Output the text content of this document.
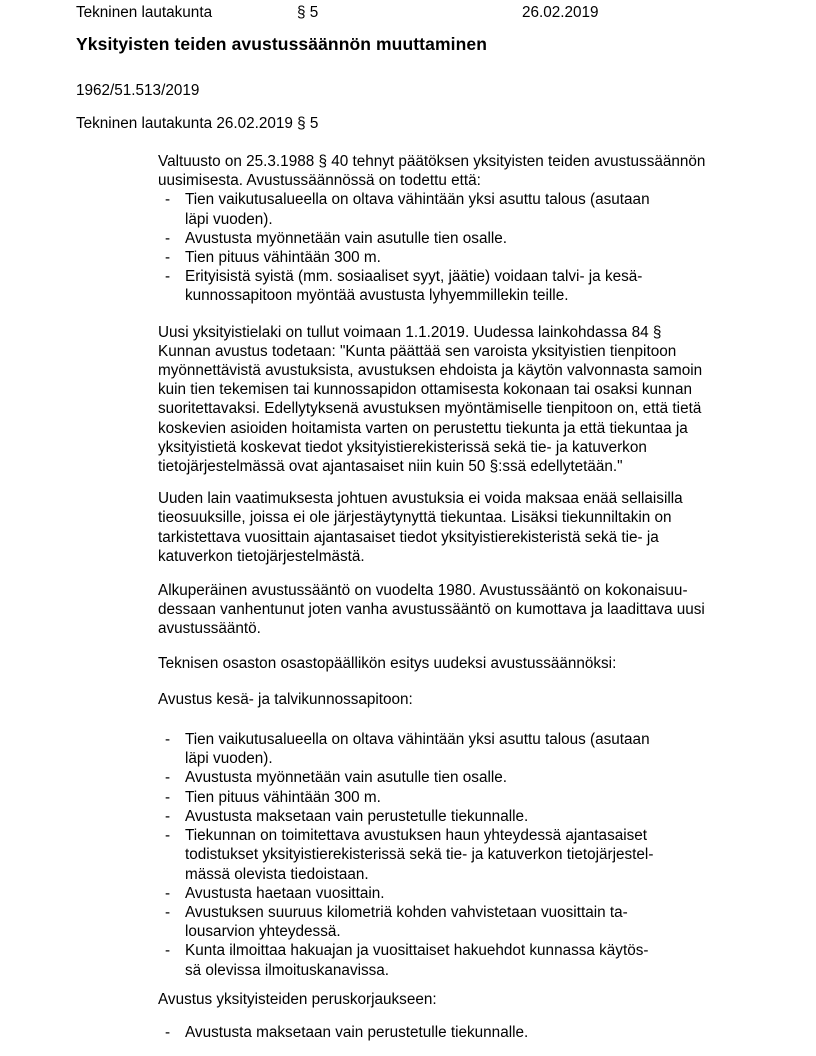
Tekninen lautakunta	§ 5	26.02.2019
Yksityisten teiden avustussäännön muuttaminen
1962/51.513/2019
Tekninen lautakunta 26.02.2019 § 5
Valtuusto on 25.3.1988 § 40 tehnyt päätöksen yksityisten teiden avustussäännön
uusimisesta. Avustussäännössä on todettu että:
- Tien vaikutusalueella on oltava vähintään yksi asuttu talous (asutaan
läpi vuoden).
- Avustusta myönnetään vain asutulle tien osalle.
- Tien pituus vähintään 300 m.
- Erityisistä syistä (mm. sosiaaliset syyt, jäätie) voidaan talvi- ja kesä-
kunnossapitoon myöntää avustusta lyhyemmillekin teille.
Uusi yksityistielaki on tullut voimaan 1.1.2019. Uudessa lainkohdassa 84 §
Kunnan avustus todetaan: "Kunta päättää sen varoista yksityistien tienpitoon
myönnettävistä avustuksista, avustuksen ehdoista ja käytön valvonnasta samoin
kuin tien tekemisen tai kunnossapidon ottamisesta kokonaan tai osaksi kunnan
suoritettavaksi. Edellytyksenä avustuksen myöntämiselle tienpitoon on, että tietä
koskevien asioiden hoitamista varten on perustettu tiekunta ja että tiekuntaa ja
yksityistietä koskevat tiedot yksityistierekisterissä sekä tie- ja katuverkon
tietojärjestelmässä ovat ajantasaiset niin kuin 50 §:ssä edellytetään."
Uuden lain vaatimuksesta johtuen avustuksia ei voida maksaa enää sellaisilla
tieosuuksille, joissa ei ole järjestäytynyttä tiekuntaa. Lisäksi tiekunniltakin on
tarkistettava vuosittain ajantasaiset tiedot yksityistierekisteristä sekä tie- ja
katuverkon tietojärjestelmästä.
Alkuperäinen avustussääntö on vuodelta 1980. Avustussääntö on kokonaisuu-
dessaan vanhentunut joten vanha avustussääntö on kumottava ja laadittava uusi
avustussääntö.
Teknisen osaston osastopäällikön esitys uudeksi avustussäännöksi:
Avustus kesä- ja talvikunnossapitoon:
- Tien vaikutusalueella on oltava vähintään yksi asuttu talous (asutaan
läpi vuoden).
- Avustusta myönnetään vain asutulle tien osalle.
- Tien pituus vähintään 300 m.
- Avustusta maksetaan vain perustetulle tiekunnalle.
- Tiekunnan on toimitettava avustuksen haun yhteydessä ajantasaiset
todistukset yksityistierekisterissä sekä tie- ja katuverkon tietojärjestel-
mässä olevista tiedoistaan.
- Avustusta haetaan vuosittain.
- Avustuksen suuruus kilometriä kohden vahvistetaan vuosittain ta-
lousarvion yhteydessä.
- Kunta ilmoittaa hakuajan ja vuosittaiset hakuehdot kunnassa käytös-
sä olevissa ilmoituskanavissa.
Avustus yksityisteiden peruskorjaukseen:
- Avustusta maksetaan vain perustetulle tiekunnalle.
